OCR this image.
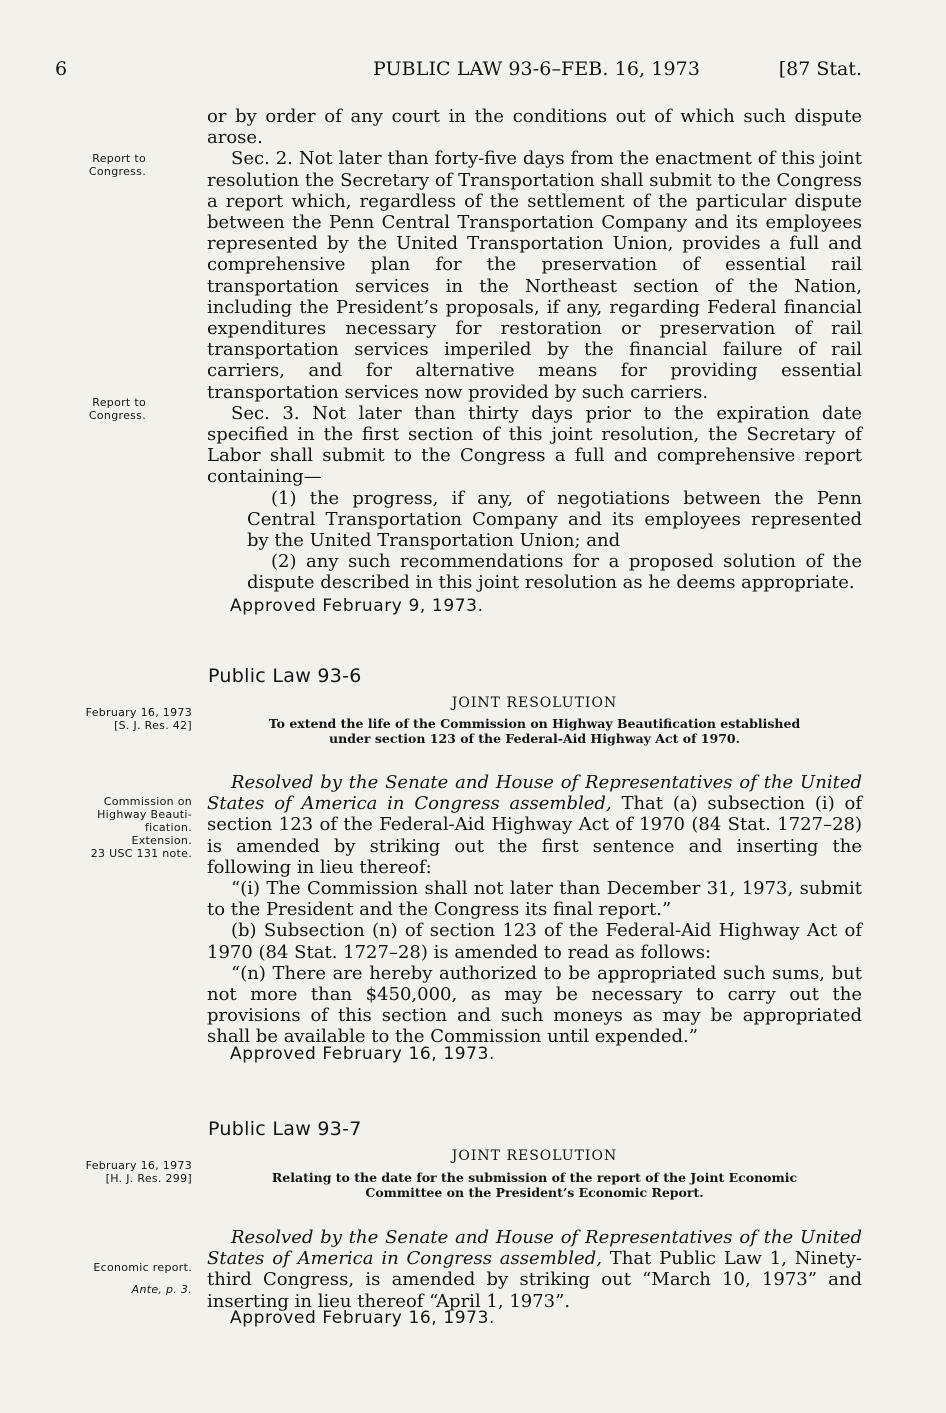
6	PUBLIC LAW 93-6–FEB. 16, 1973	[87 Stat.
Report to
Congress.
Report to
Congress.
February 16, 1973
[S. J. Res. 42]
Commission on
Highway Beauti-
fication.
Extension.
23 USC 131 note.
February 16, 1973
[H. J. Res. 299]
Economic report.
Ante, p. 3.

or by order of any court in the conditions out of which such dispute arose.

Sec. 2. Not later than forty-five days from the enactment of this joint resolution the Secretary of Transportation shall submit to the Congress a report which, regardless of the settlement of the particular dispute between the Penn Central Transportation Company and its employees represented by the United Transportation Union, provides a full and comprehensive plan for the preservation of essential rail transportation services in the Northeast section of the Nation, including the President’s proposals, if any, regarding Federal financial expenditures necessary for restoration or preservation of rail transportation services imperiled by the financial failure of rail carriers, and for alternative means for providing essential transportation services now provided by such carriers.

Sec. 3. Not later than thirty days prior to the expiration date specified in the first section of this joint resolution, the Secretary of Labor shall submit to the Congress a full and comprehensive report containing—

(1) the progress, if any, of negotiations between the Penn Central Transportation Company and its employees represented by the United Transportation Union; and

(2) any such recommendations for a proposed solution of the dispute described in this joint resolution as he deems appropriate.

Approved February 9, 1973.
Public Law 93-6
JOINT RESOLUTION
To extend the life of the Commission on Highway Beautification established
under section 123 of the Federal-Aid Highway Act of 1970.

Resolved by the Senate and House of Representatives of the United States of America in Congress assembled, That (a) subsection (i) of section 123 of the Federal-Aid Highway Act of 1970 (84 Stat. 1727–28) is amended by striking out the first sentence and inserting the following in lieu thereof:

“(i) The Commission shall not later than December 31, 1973, submit to the President and the Congress its final report.”

(b) Subsection (n) of section 123 of the Federal-Aid Highway Act of 1970 (84 Stat. 1727–28) is amended to read as follows:

“(n) There are hereby authorized to be appropriated such sums, but not more than $450,000, as may be necessary to carry out the provisions of this section and such moneys as may be appropriated shall be available to the Commission until expended.”

Approved February 16, 1973.
Public Law 93-7
JOINT RESOLUTION
Relating to the date for the submission of the report of the Joint Economic
Committee on the President’s Economic Report.

Resolved by the Senate and House of Representatives of the United States of America in Congress assembled, That Public Law 1, Ninety-third Congress, is amended by striking out “March 10, 1973” and inserting in lieu thereof “April 1, 1973”.

Approved February 16, 1973.
